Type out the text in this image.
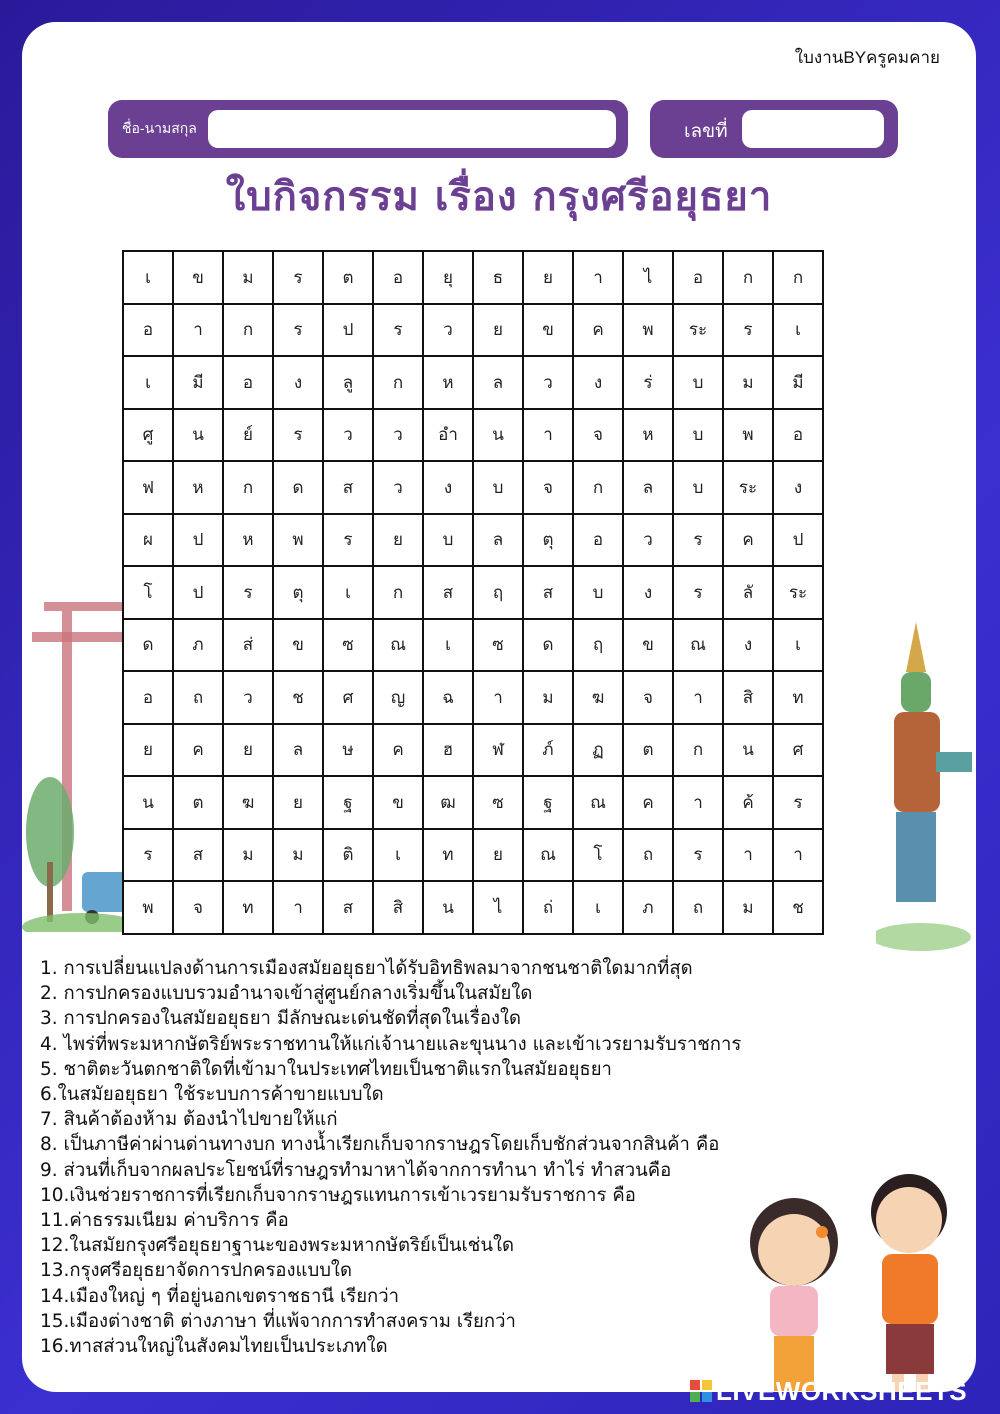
ใบงานBYครูคมคาย
ชื่อ-นามสกุล	เลขที่
ใบกิจกรรม เรื่อง กรุงศรีอยุธยา
เ	ข	ม	ร	ต	อ	ยุ	ธ	ย	า	ไ	อ	ก	ก
อ	า	ก	ร	ป	ร	ว	ย	ข	ค	พ	ระ	ร	เ
เ	มี	อ	ง	ลู	ก	ห	ล	ว	ง	ร่	บ	ม	มี
ศู	น	ย์	ร	ว	ว	อำ	น	า	จ	ห	บ	พ	อ
ฟ	ห	ก	ด	ส	ว	ง	บ	จ	ก	ล	บ	ระ	ง
ผ	ป	ห	พ	ร	ย	บ	ล	ตุ	อ	ว	ร	ค	ป
โ	ป	ร	ตุ	เ	ก	ส	ฤ	ส	บ	ง	ร	ลั	ระ
ด	ภ	ส่	ข	ซ	ณ	เ	ซ	ด	ฤ	ข	ณ	ง	เ
อ	ถ	ว	ช	ศ	ญ	ฉ	า	ม	ฆ	จ	า	สิ	ท
ย	ค	ย	ล	ษ	ค	ฮ	ฬ	ภ์	ฏ	ต	ก	น	ศ
น	ต	ฆ	ย	ฐ	ข	ฒ	ซ	ฐ	ณ	ค	า	ค้	ร
ร	ส	ม	ม	ติ	เ	ท	ย	ณ	โ	ถ	ร	า	า
พ	จ	ท	า	ส	สิ	น	ไ	ถ่	เ	ภ	ถ	ม	ช
1. การเปลี่ยนแปลงด้านการเมืองสมัยอยุธยาได้รับอิทธิพลมาจากชนชาติใดมากที่สุด
2. การปกครองแบบรวมอำนาจเข้าสู่ศูนย์กลางเริ่มขึ้นในสมัยใด
3. การปกครองในสมัยอยุธยา มีลักษณะเด่นชัดที่สุดในเรื่องใด
4. ไพร่ที่พระมหากษัตริย์พระราชทานให้แก่เจ้านายและขุนนาง และเข้าเวรยามรับราชการ
5. ชาติตะวันตกชาติใดที่เข้ามาในประเทศไทยเป็นชาติแรกในสมัยอยุธยา
6.ในสมัยอยุธยา ใช้ระบบการค้าขายแบบใด
7. สินค้าต้องห้าม ต้องนำไปขายให้แก่
8. เป็นภาษีค่าผ่านด่านทางบก ทางน้ำเรียกเก็บจากราษฎรโดยเก็บชักส่วนจากสินค้า คือ
9. ส่วนที่เก็บจากผลประโยชน์ที่ราษฎรทำมาหาได้จากการทำนา ทำไร่ ทำสวนคือ
10.เงินช่วยราชการที่เรียกเก็บจากราษฎรแทนการเข้าเวรยามรับราชการ คือ
11.ค่าธรรมเนียม ค่าบริการ คือ
12.ในสมัยกรุงศรีอยุธยาฐานะของพระมหากษัตริย์เป็นเช่นใด
13.กรุงศรีอยุธยาจัดการปกครองแบบใด
14.เมืองใหญ่ ๆ ที่อยู่นอกเขตราชธานี เรียกว่า
15.เมืองต่างชาติ ต่างภาษา ที่แพ้จากการทำสงคราม เรียกว่า
16.ทาสส่วนใหญ่ในสังคมไทยเป็นประเภทใด
LIVEWORKSHEETS
